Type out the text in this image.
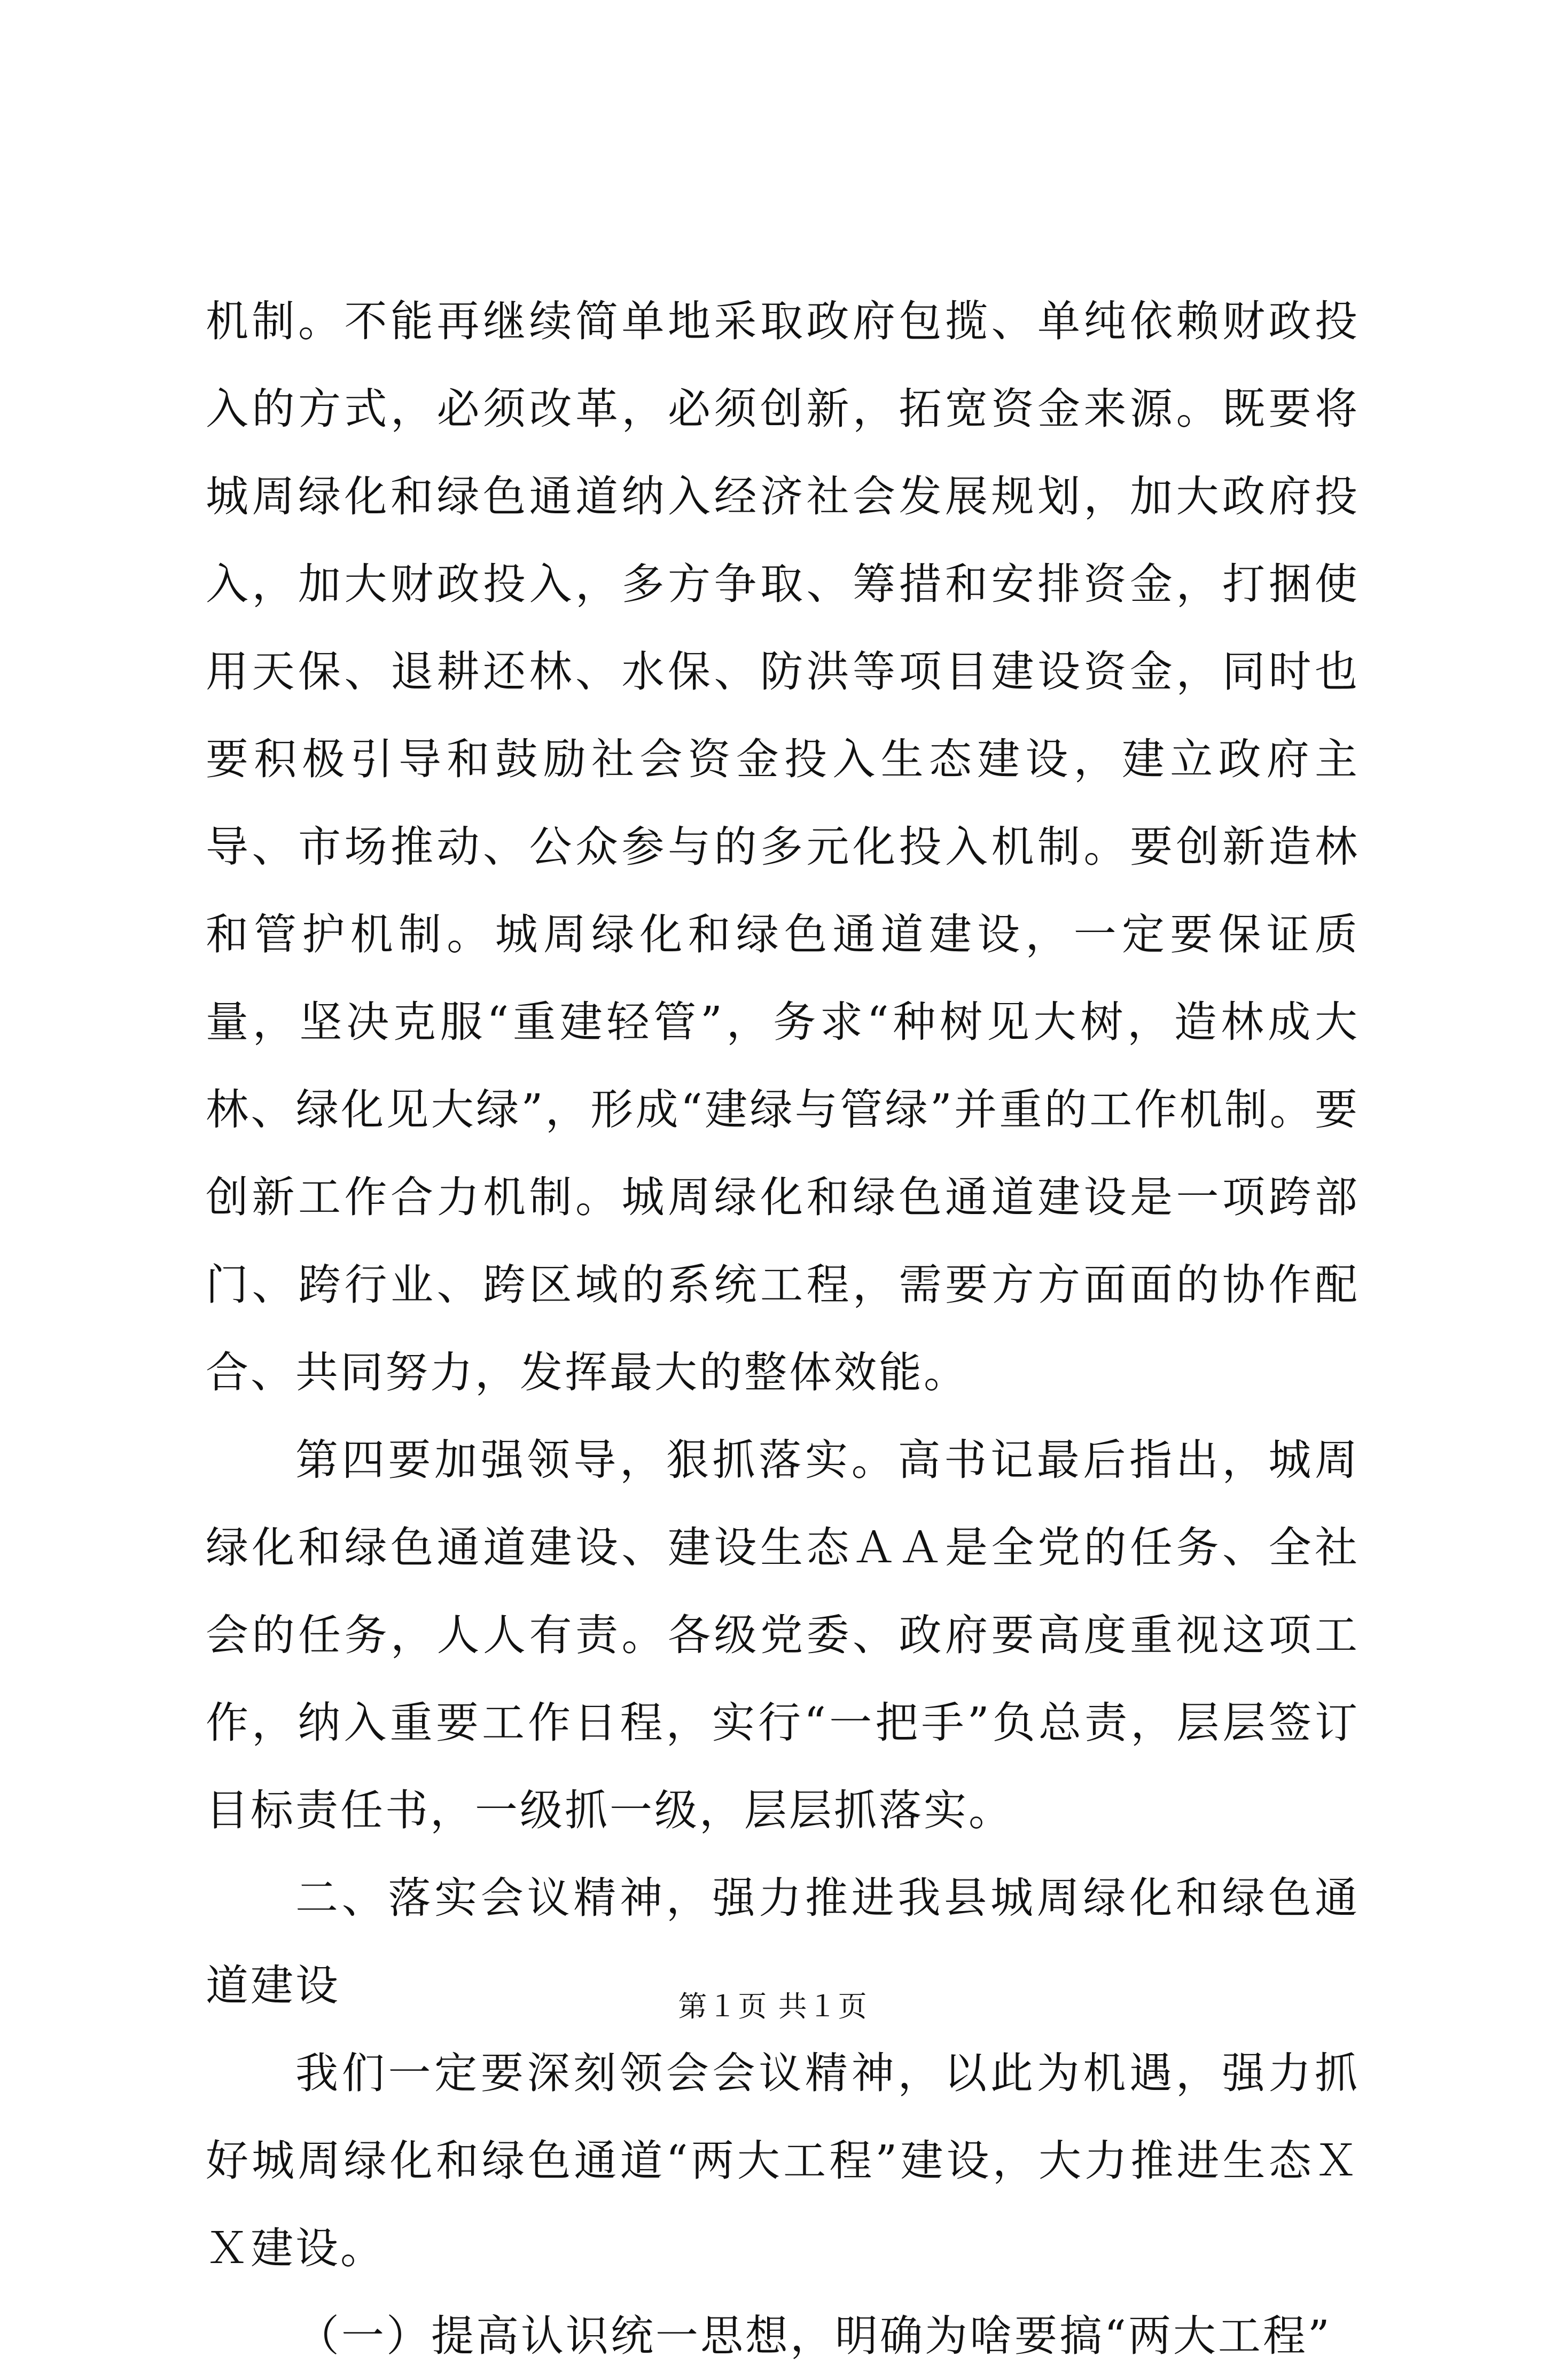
机制。不能再继续简单地采取政府包揽、单纯依赖财政投入的方式，必须改革，必须创新，拓宽资金来源。既要将城周绿化和绿色通道纳入经济社会发展规划，加大政府投入，加大财政投入，多方争取、筹措和安排资金，打捆使用天保、退耕还林、水保、防洪等项目建设资金，同时也要积极引导和鼓励社会资金投入生态建设，建立政府主导、市场推动、公众参与的多元化投入机制。要创新造林和管护机制。城周绿化和绿色通道建设，一定要保证质量，坚决克服“重建轻管”，务求“种树见大树，造林成大林、绿化见大绿”，形成“建绿与管绿”并重的工作机制。要创新工作合力机制。城周绿化和绿色通道建设是一项跨部门、跨行业、跨区域的系统工程，需要方方面面的协作配合、共同努力，发挥最大的整体效能。

第四要加强领导，狠抓落实。高书记最后指出，城周绿化和绿色通道建设、建设生态ＡＡ是全党的任务、全社会的任务，人人有责。各级党委、政府要高度重视这项工作，纳入重要工作日程，实行“一把手”负总责，层层签订目标责任书，一级抓一级，层层抓落实。

二、落实会议精神，强力推进我县城周绿化和绿色通道建设

我们一定要深刻领会会议精神，以此为机遇，强力抓好城周绿化和绿色通道“两大工程”建设，大力推进生态ＸＸ建设。

（一）提高认识统一思想，明确为啥要搞“两大工程”

第１页 共１页
